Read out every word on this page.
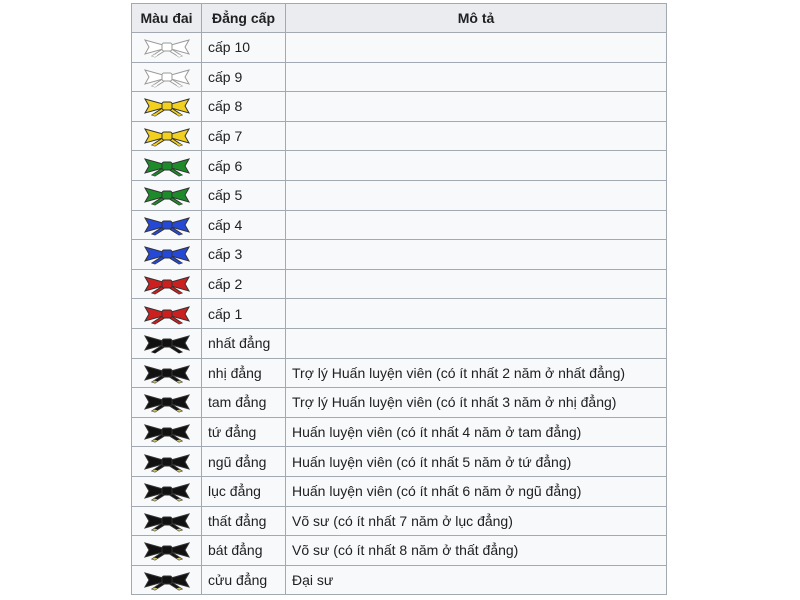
Màu đai	Đẳng cấp	Mô tả

	cấp 10	

	cấp 9	

	cấp 8	

	cấp 7	

	cấp 6	

	cấp 5	

	cấp 4	

	cấp 3	

	cấp 2	

	cấp 1	

	nhất đẳng	

	nhị đẳng	Trợ lý Huấn luyện viên (có ít nhất 2 năm ở nhất đẳng)

	tam đẳng	Trợ lý Huấn luyện viên (có ít nhất 3 năm ở nhị đẳng)

	tứ đẳng	Huấn luyện viên (có ít nhất 4 năm ở tam đẳng)

	ngũ đẳng	Huấn luyện viên (có ít nhất 5 năm ở tứ đẳng)

	lục đẳng	Huấn luyện viên (có ít nhất 6 năm ở ngũ đẳng)

	thất đẳng	Võ sư (có ít nhất 7 năm ở lục đẳng)

	bát đẳng	Võ sư (có ít nhất 8 năm ở thất đẳng)

	cửu đẳng	Đại sư
